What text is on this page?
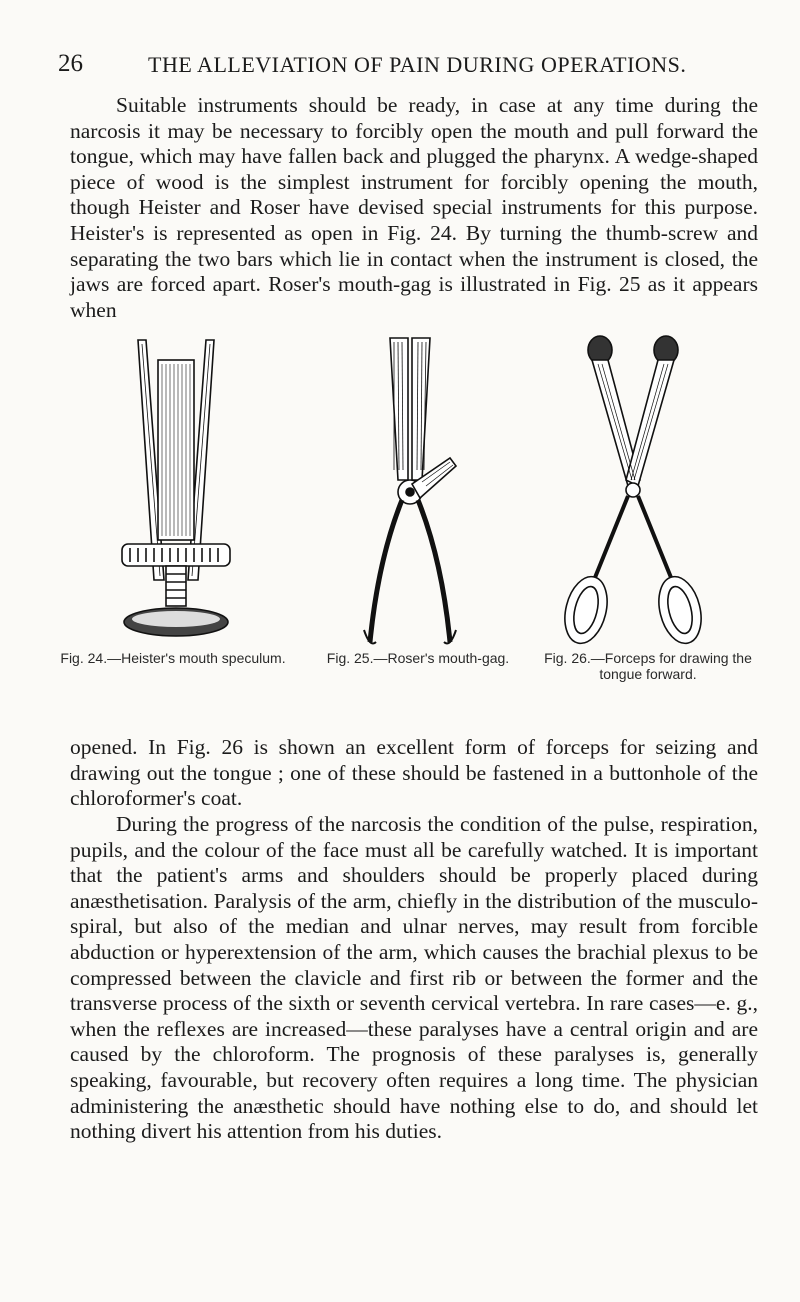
26	THE ALLEVIATION OF PAIN DURING OPERATIONS.

Suitable instruments should be ready, in case at any time during the narcosis it may be necessary to forcibly open the mouth and pull forward the tongue, which may have fallen back and plugged the pharynx. A wedge-shaped piece of wood is the simplest instrument for forcibly opening the mouth, though Heister and Roser have devised special instruments for this purpose. Heister's is represented as open in Fig. 24. By turning the thumb-screw and separating the two bars which lie in contact when the instrument is closed, the jaws are forced apart. Roser's mouth-gag is illustrated in Fig. 25 as it appears when

Fig. 24.—Heister's mouth speculum.	Fig. 25.—Roser's mouth-gag.	Fig. 26.—Forceps for drawing the tongue forward.

opened. In Fig. 26 is shown an excellent form of forceps for seizing and drawing out the tongue ; one of these should be fastened in a buttonhole of the chloroformer's coat.

During the progress of the narcosis the condition of the pulse, respiration, pupils, and the colour of the face must all be carefully watched. It is important that the patient's arms and shoulders should be properly placed during anæsthetisation. Paralysis of the arm, chiefly in the distribution of the musculo-spiral, but also of the median and ulnar nerves, may result from forcible abduction or hyperextension of the arm, which causes the brachial plexus to be compressed between the clavicle and first rib or between the former and the transverse process of the sixth or seventh cervical vertebra. In rare cases—e. g., when the reflexes are increased—these paralyses have a central origin and are caused by the chloroform. The prognosis of these paralyses is, generally speaking, favourable, but recovery often requires a long time. The physician administering the anæsthetic should have nothing else to do, and should let nothing divert his attention from his duties.
